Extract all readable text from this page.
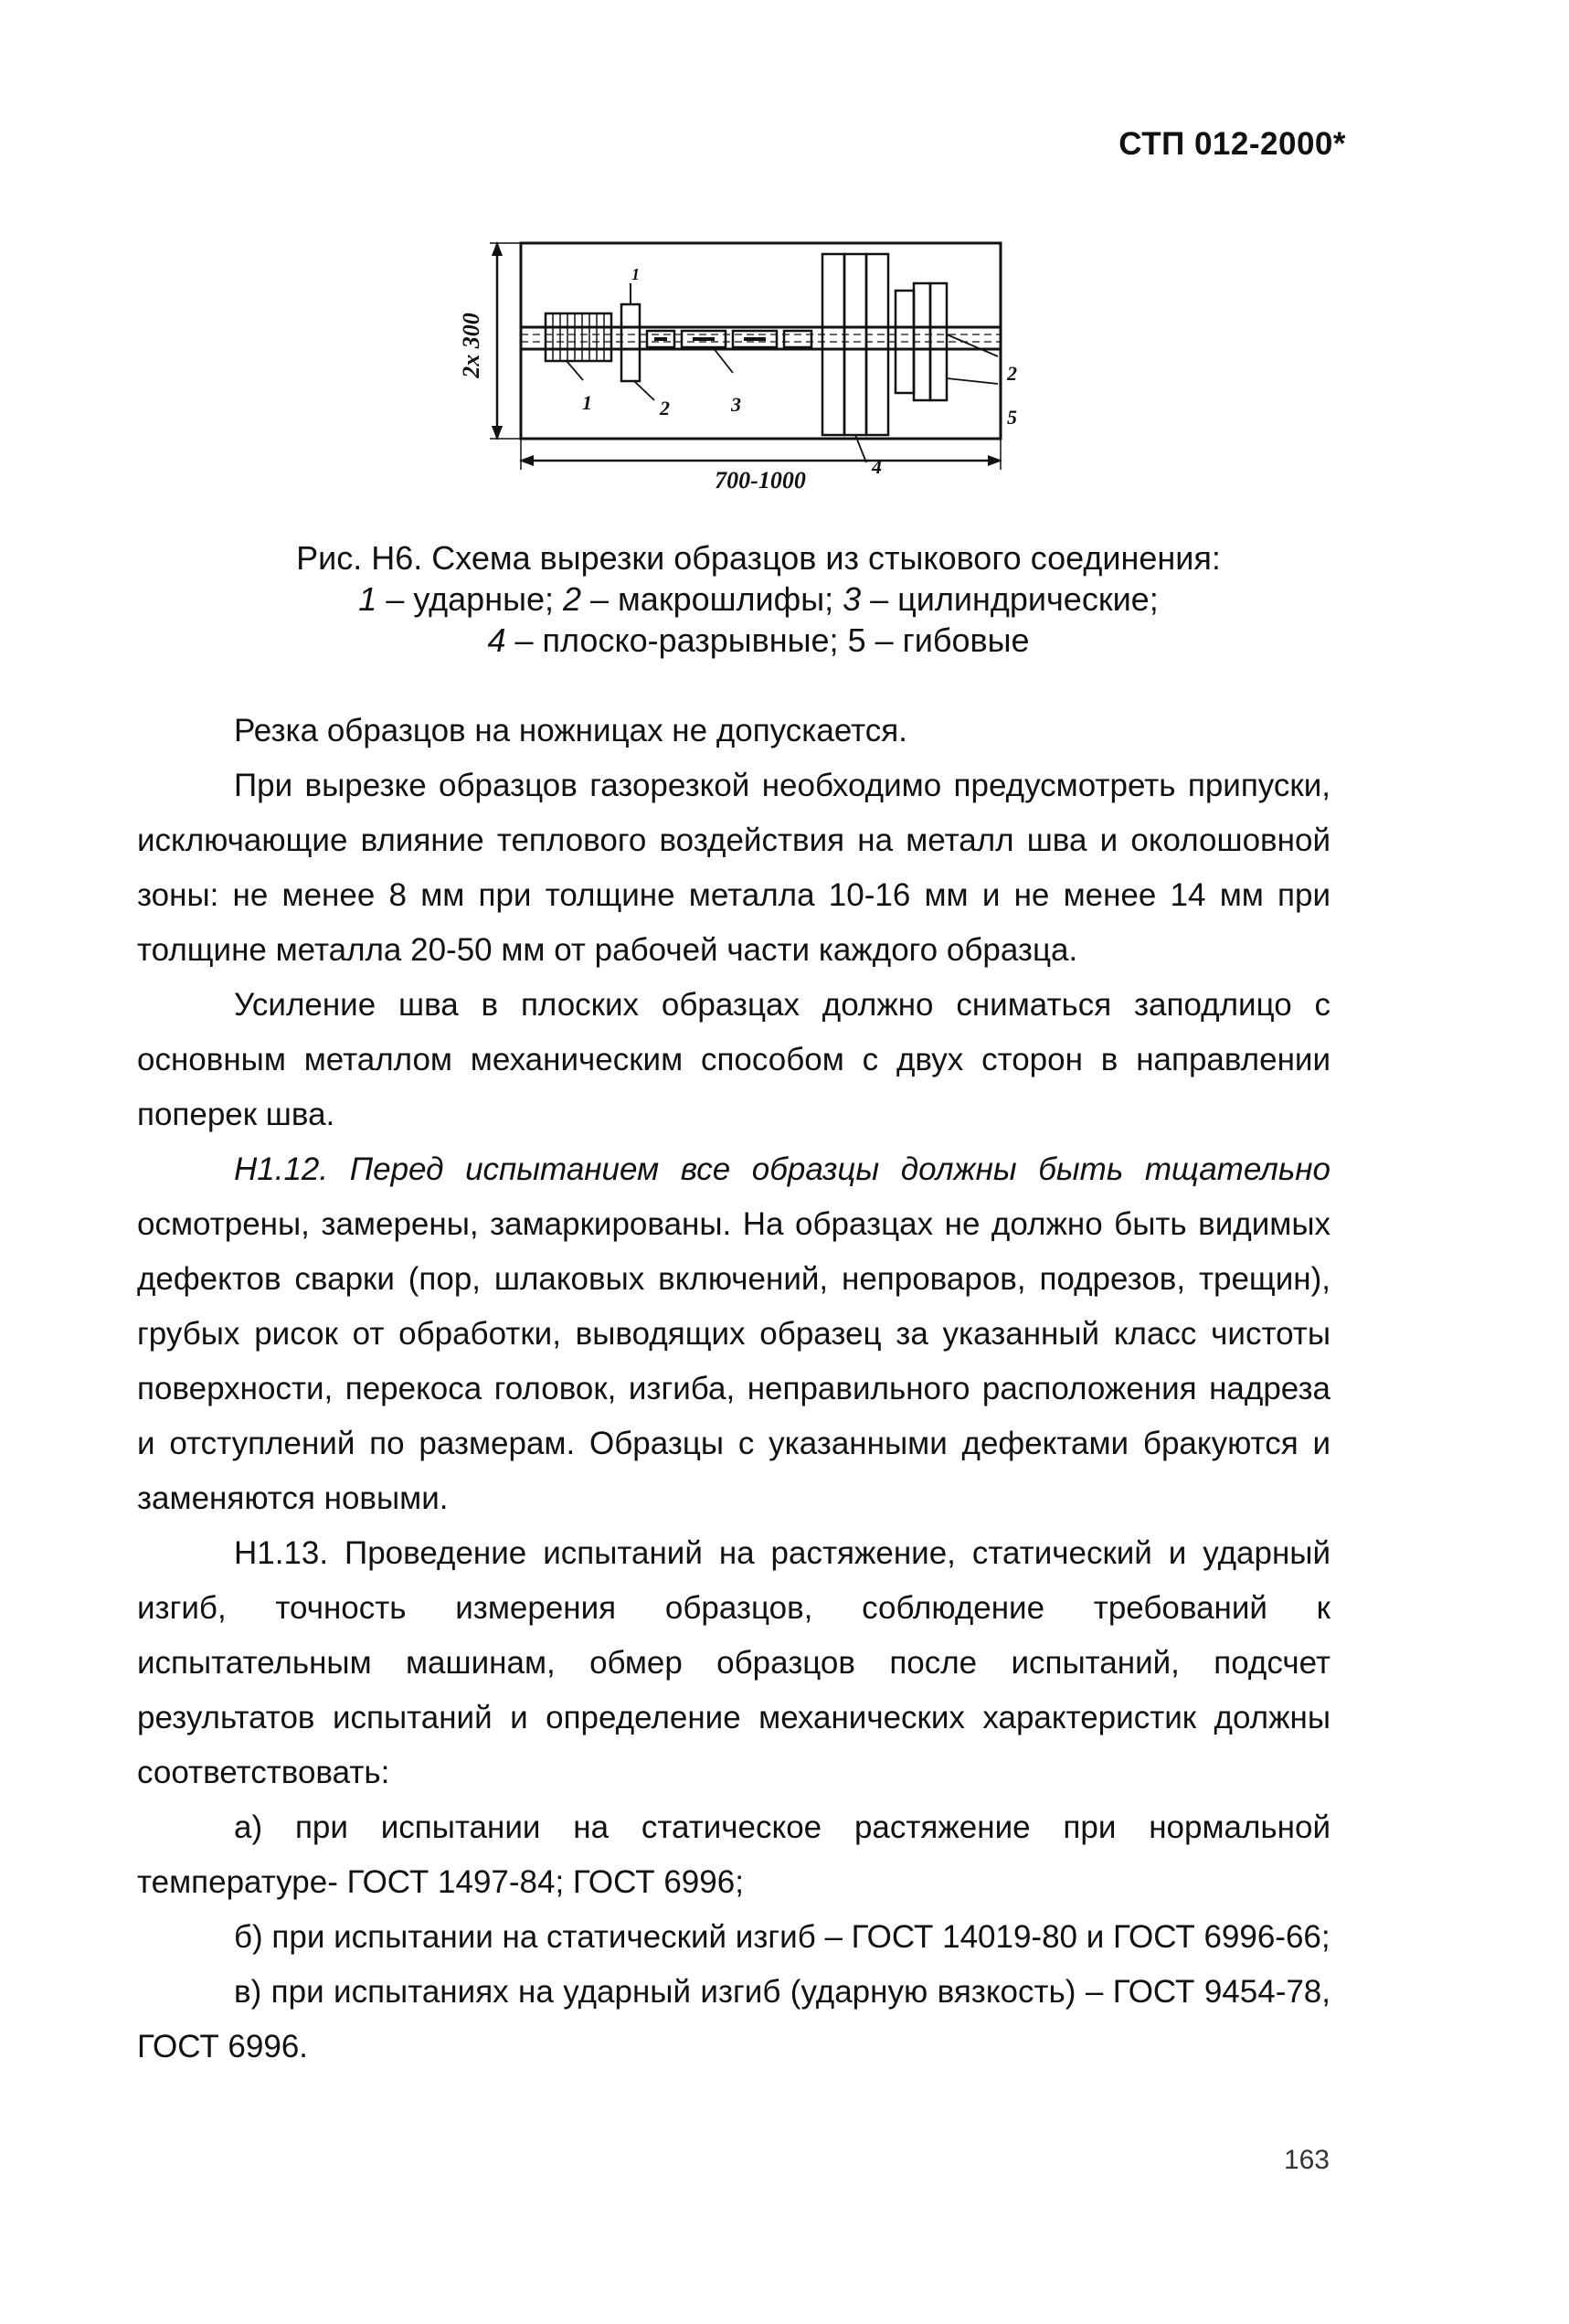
СТП 012-2000*
2x 300
700-1000
1	2	3
4
1
2
5
Рис. Н6. Схема вырезки образцов из стыкового соединения:
1 – ударные; 2 – макрошлифы; 3 – цилиндрические;
4 – плоско-разрывные; 5 – гибовые

Резка образцов на ножницах не допускается.

При вырезке образцов газорезкой необходимо предусмотреть припуски, исключающие влияние теплового воздействия на металл шва и околошовной зоны: не менее 8 мм при толщине металла 10-16 мм и не менее 14 мм при толщине металла 20-50 мм от рабочей части каждого образца.

Усиление шва в плоских образцах должно сниматься заподлицо с основным металлом механическим способом с двух сторон в направлении поперек шва.

Н1.12. Перед испытанием все образцы должны быть тщательно осмотрены, замерены, замаркированы. На образцах не должно быть видимых дефектов сварки (пор, шлаковых включений, непроваров, подрезов, трещин), грубых рисок от обработки, выводящих образец за указанный класс чистоты поверхности, перекоса головок, изгиба, неправильного расположения надреза и отступлений по размерам. Образцы с указанными дефектами бракуются и заменяются новыми.

Н1.13. Проведение испытаний на растяжение, статический и ударный изгиб, точность измерения образцов, соблюдение требований к испытательным машинам, обмер образцов после испытаний, подсчет результатов испытаний и определение механических характеристик должны соответствовать:

а) при испытании на статическое растяжение при нормальной температуре- ГОСТ 1497-84; ГОСТ 6996;

б) при испытании на статический изгиб – ГОСТ 14019-80 и ГОСТ 6996-66;

в) при испытаниях на ударный изгиб (ударную вязкость) – ГОСТ 9454-78, ГОСТ 6996.

163
